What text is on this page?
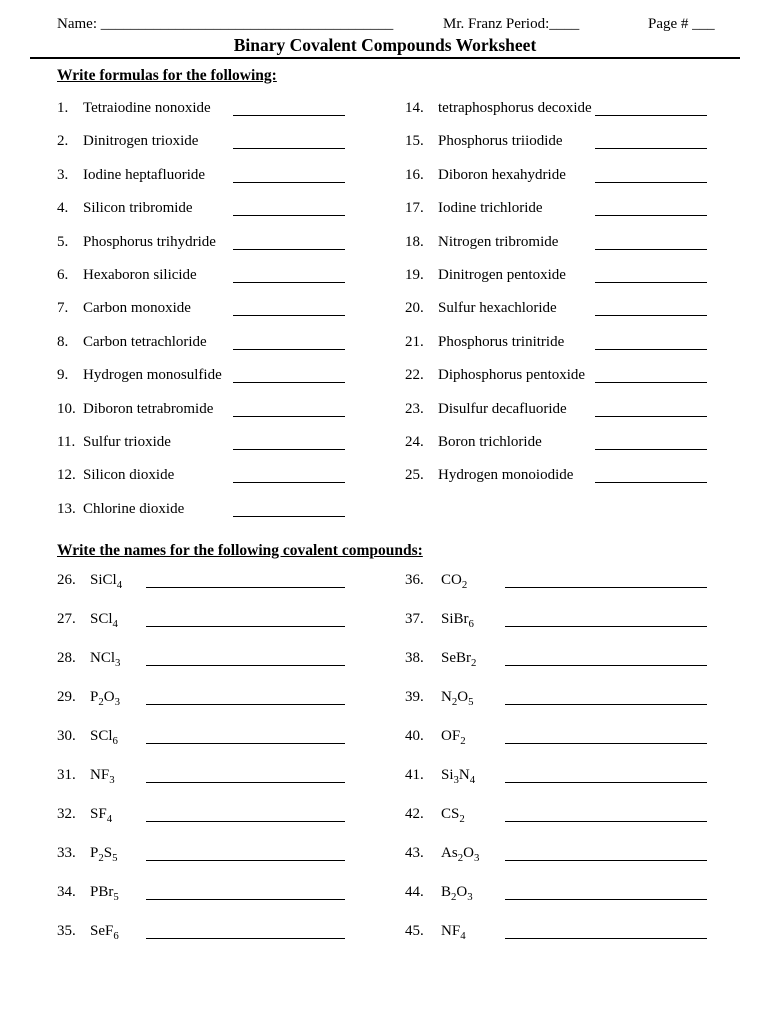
Name: _______________________________________	Mr. Franz Period:____	Page # ___
Binary Covalent Compounds Worksheet
Write formulas for the following:
1. Tetraiodine nonoxide
2. Dinitrogen trioxide
3. Iodine heptafluoride
4. Silicon tribromide
5. Phosphorus trihydride
6. Hexaboron silicide
7. Carbon monoxide
8. Carbon tetrachloride
9. Hydrogen monosulfide
10. Diboron tetrabromide
11. Sulfur trioxide
12. Silicon dioxide
13. Chlorine dioxide
14. tetraphosphorus decoxide
15. Phosphorus triiodide
16. Diboron hexahydride
17. Iodine trichloride
18. Nitrogen tribromide
19. Dinitrogen pentoxide
20. Sulfur hexachloride
21. Phosphorus trinitride
22. Diphosphorus pentoxide
23. Disulfur decafluoride
24. Boron trichloride
25. Hydrogen monoiodide
Write the names for the following covalent compounds:
26. SiCl$_4$
27. SCl$_4$
28. NCl$_3$
29. $P_2O_3$
30. SCl$_6$
31. $NF_3$
32. $SF_4$
33. $P_2S_5$
34. PBr$_5$
35. SeF$_6$
36.	$CO_2$
37.	SiBr$_6$
38.	SeBr$_2$
39.	$N_2O_5$
40.	$OF_2$
41.	$Si_3N_4$
42.	$CS_2$
43.	$As_2O_3$
44.	$B_2O_3$
45.	$NF_4$
